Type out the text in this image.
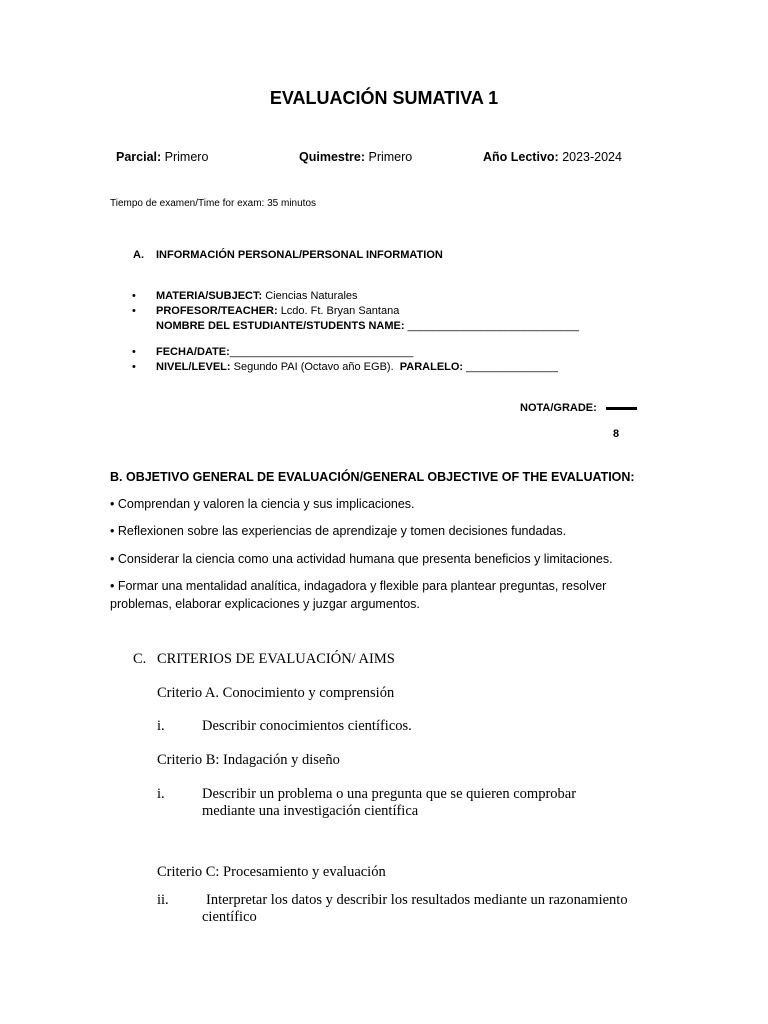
EVALUACIÓN SUMATIVA 1
Parcial: Primero	Quimestre: Primero	Año Lectivo: 2023-2024
Tiempo de examen/Time for exam: 35 minutos
A. INFORMACIÓN PERSONAL/PERSONAL INFORMATION
• MATERIA/SUBJECT: Ciencias Naturales
• PROFESOR/TEACHER: Lcdo. Ft. Bryan Santana
NOMBRE DEL ESTUDIANTE/STUDENTS NAME: ____________________________
• FECHA/DATE:______________________________
• NIVEL/LEVEL: Segundo PAI (Octavo año EGB). PARALELO: _______________
NOTA/GRADE:
8
B. OBJETIVO GENERAL DE EVALUACIÓN/GENERAL OBJECTIVE OF THE EVALUATION:
• Comprendan y valoren la ciencia y sus implicaciones.
• Reflexionen sobre las experiencias de aprendizaje y tomen decisiones fundadas.
• Considerar la ciencia como una actividad humana que presenta beneficios y limitaciones.
• Formar una mentalidad analítica, indagadora y flexible para plantear preguntas, resolver
problemas, elaborar explicaciones y juzgar argumentos.
C. CRITERIOS DE EVALUACIÓN/ AIMS
Criterio A. Conocimiento y comprensión
i.	Describir conocimientos científicos.
Criterio B: Indagación y diseño
i.	Describir un problema o una pregunta que se quieren comprobar
mediante una investigación científica
Criterio C: Procesamiento y evaluación
ii.	Interpretar los datos y describir los resultados mediante un razonamiento
científico
